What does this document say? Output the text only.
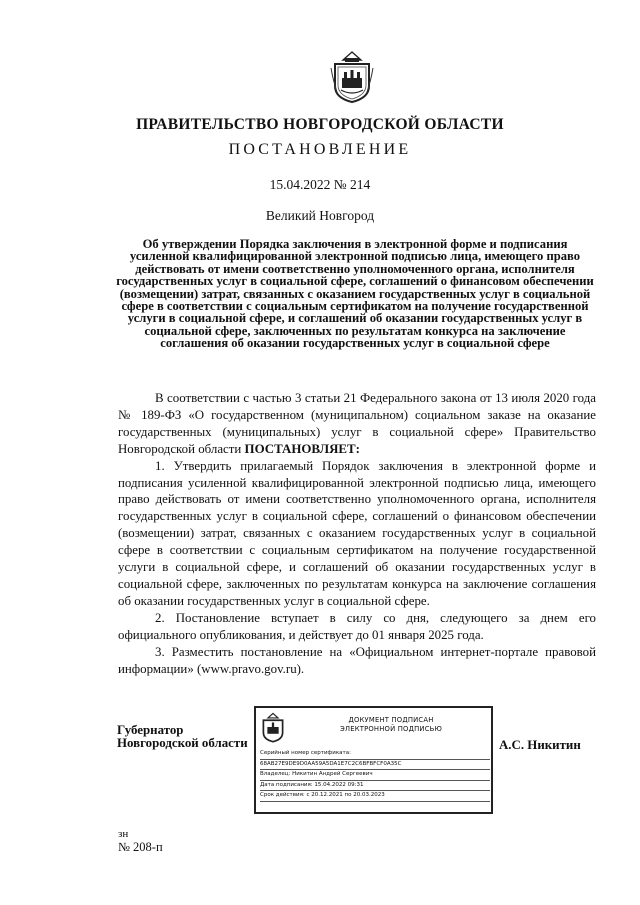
ПРАВИТЕЛЬСТВО НОВГОРОДСКОЙ ОБЛАСТИ
ПОСТАНОВЛЕНИЕ
15.04.2022 № 214
Великий Новгород
Об утверждении Порядка заключения в электронной форме и подписания усиленной квалифицированной электронной подписью лица, имеющего право действовать от имени соответственно уполномоченного органа, исполнителя государственных услуг в социальной сфере, соглашений о финансовом обеспечении (возмещении) затрат, связанных с оказанием государственных услуг в социальной сфере в соответствии с социальным сертификатом на получение государственной услуги в социальной сфере, и соглашений об оказании государственных услуг в социальной сфере, заключенных по результатам конкурса на заключение соглашения об оказании государственных услуг в социальной сфере

В соответствии с частью 3 статьи 21 Федерального закона от 13 июля 2020 года № 189-ФЗ «О государственном (муниципальном) социальном заказе на оказание государственных (муниципальных) услуг в социальной сфере» Правительство Новгородской области ПОСТАНОВЛЯЕТ:

1. Утвердить прилагаемый Порядок заключения в электронной форме и подписания усиленной квалифицированной электронной подписью лица, имеющего право действовать от имени соответственно уполномоченного органа, исполнителя государственных услуг в социальной сфере, соглашений о финансовом обеспечении (возмещении) затрат, связанных с оказанием государственных услуг в социальной сфере в соответствии с социальным сертификатом на получение государственной услуги в социальной сфере, и соглашений об оказании государственных услуг в социальной сфере, заключенных по результатам конкурса на заключение соглашения об оказании государственных услуг в социальной сфере.

2. Постановление вступает в силу со дня, следующего за днем его официального опубликования, и действует до 01 января 2025 года.

3. Разместить постановление на «Официальном интернет-портале правовой информации» (www.pravo.gov.ru).

Губернатор
Новгородской области
ДОКУМЕНТ ПОДПИСАН
ЭЛЕКТРОННОЙ ПОДПИСЬЮ
Серийный номер сертификата:
68AB27E9DE9D0AA59A5DA1E7C2C6BFBFCF0A35C
Владелец: Никитин Андрей Сергеевич
Дата подписания: 15.04.2022 09:31
Срок действия: с 20.12.2021 по 20.03.2023
А.С. Никитин
зн
№ 208-п
